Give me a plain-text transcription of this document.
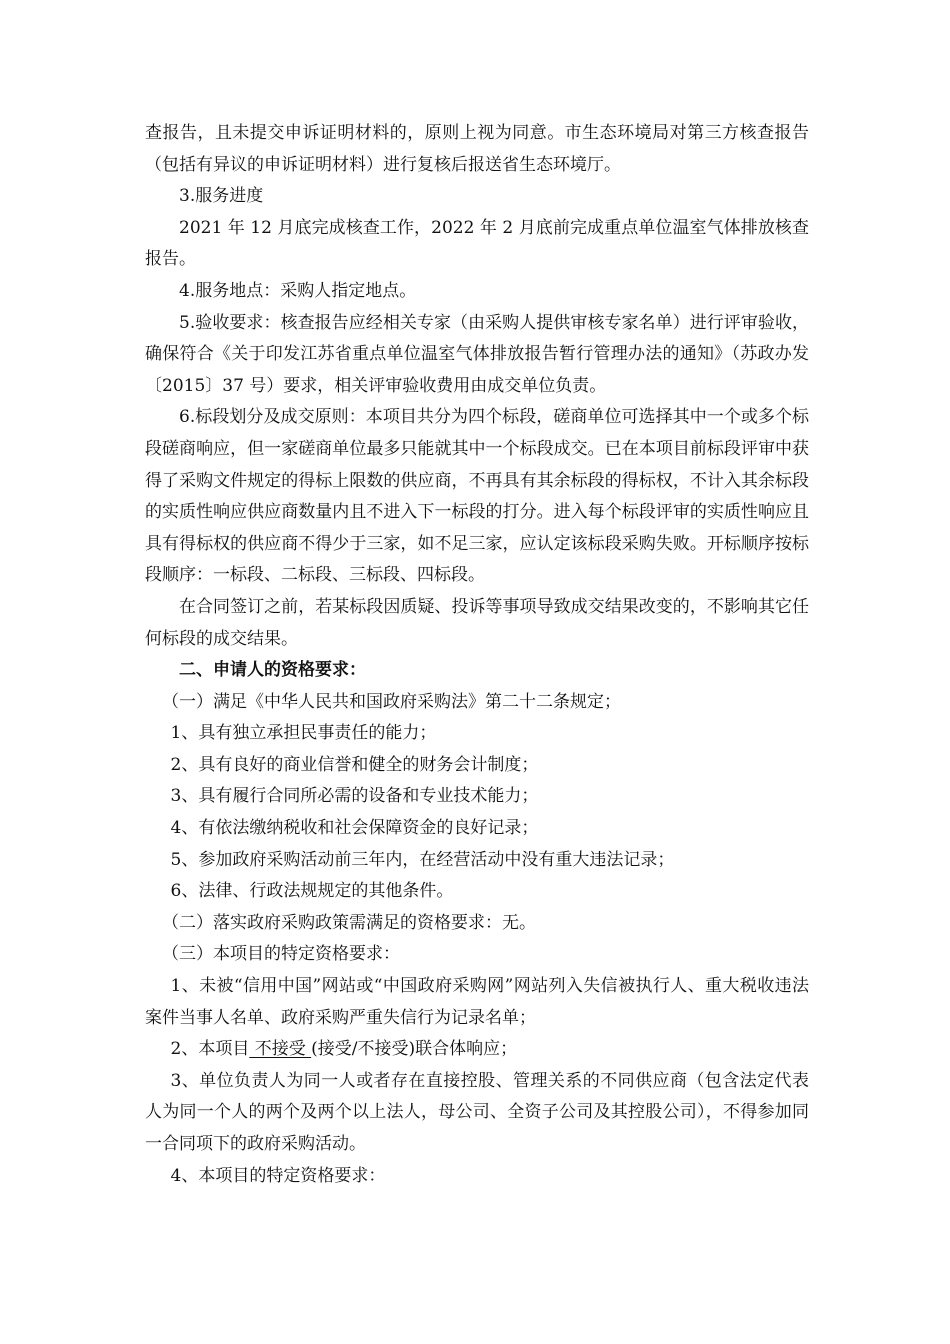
查报告，且未提交申诉证明材料的，原则上视为同意。市生态环境局对第三方核查报告（包括有异议的申诉证明材料）进行复核后报送省生态环境厅。

3.服务进度

2021 年 12 月底完成核查工作，2022 年 2 月底前完成重点单位温室气体排放核查报告。

4.服务地点：采购人指定地点。

5.验收要求：核查报告应经相关专家（由采购人提供审核专家名单）进行评审验收，确保符合《关于印发江苏省重点单位温室气体排放报告暂行管理办法的通知》（苏政办发〔2015〕37 号）要求，相关评审验收费用由成交单位负责。

6.标段划分及成交原则：本项目共分为四个标段，磋商单位可选择其中一个或多个标段磋商响应，但一家磋商单位最多只能就其中一个标段成交。已在本项目前标段评审中获得了采购文件规定的得标上限数的供应商，不再具有其余标段的得标权，不计入其余标段的实质性响应供应商数量内且不进入下一标段的打分。进入每个标段评审的实质性响应且具有得标权的供应商不得少于三家，如不足三家，应认定该标段采购失败。开标顺序按标段顺序：一标段、二标段、三标段、四标段。

在合同签订之前，若某标段因质疑、投诉等事项导致成交结果改变的，不影响其它任何标段的成交结果。

二、申请人的资格要求：

（一）满足《中华人民共和国政府采购法》第二十二条规定；

1、具有独立承担民事责任的能力；

2、具有良好的商业信誉和健全的财务会计制度；

3、具有履行合同所必需的设备和专业技术能力；

4、有依法缴纳税收和社会保障资金的良好记录；

5、参加政府采购活动前三年内，在经营活动中没有重大违法记录；

6、法律、行政法规规定的其他条件。

（二）落实政府采购政策需满足的资格要求：无。

（三）本项目的特定资格要求：

1、未被“信用中国”网站或“中国政府采购网”网站列入失信被执行人、重大税收违法案件当事人名单、政府采购严重失信行为记录名单；

2、本项目 不接受 (接受/不接受)联合体响应；

3、单位负责人为同一人或者存在直接控股、管理关系的不同供应商（包含法定代表人为同一个人的两个及两个以上法人，母公司、全资子公司及其控股公司），不得参加同一合同项下的政府采购活动。

4、本项目的特定资格要求：
